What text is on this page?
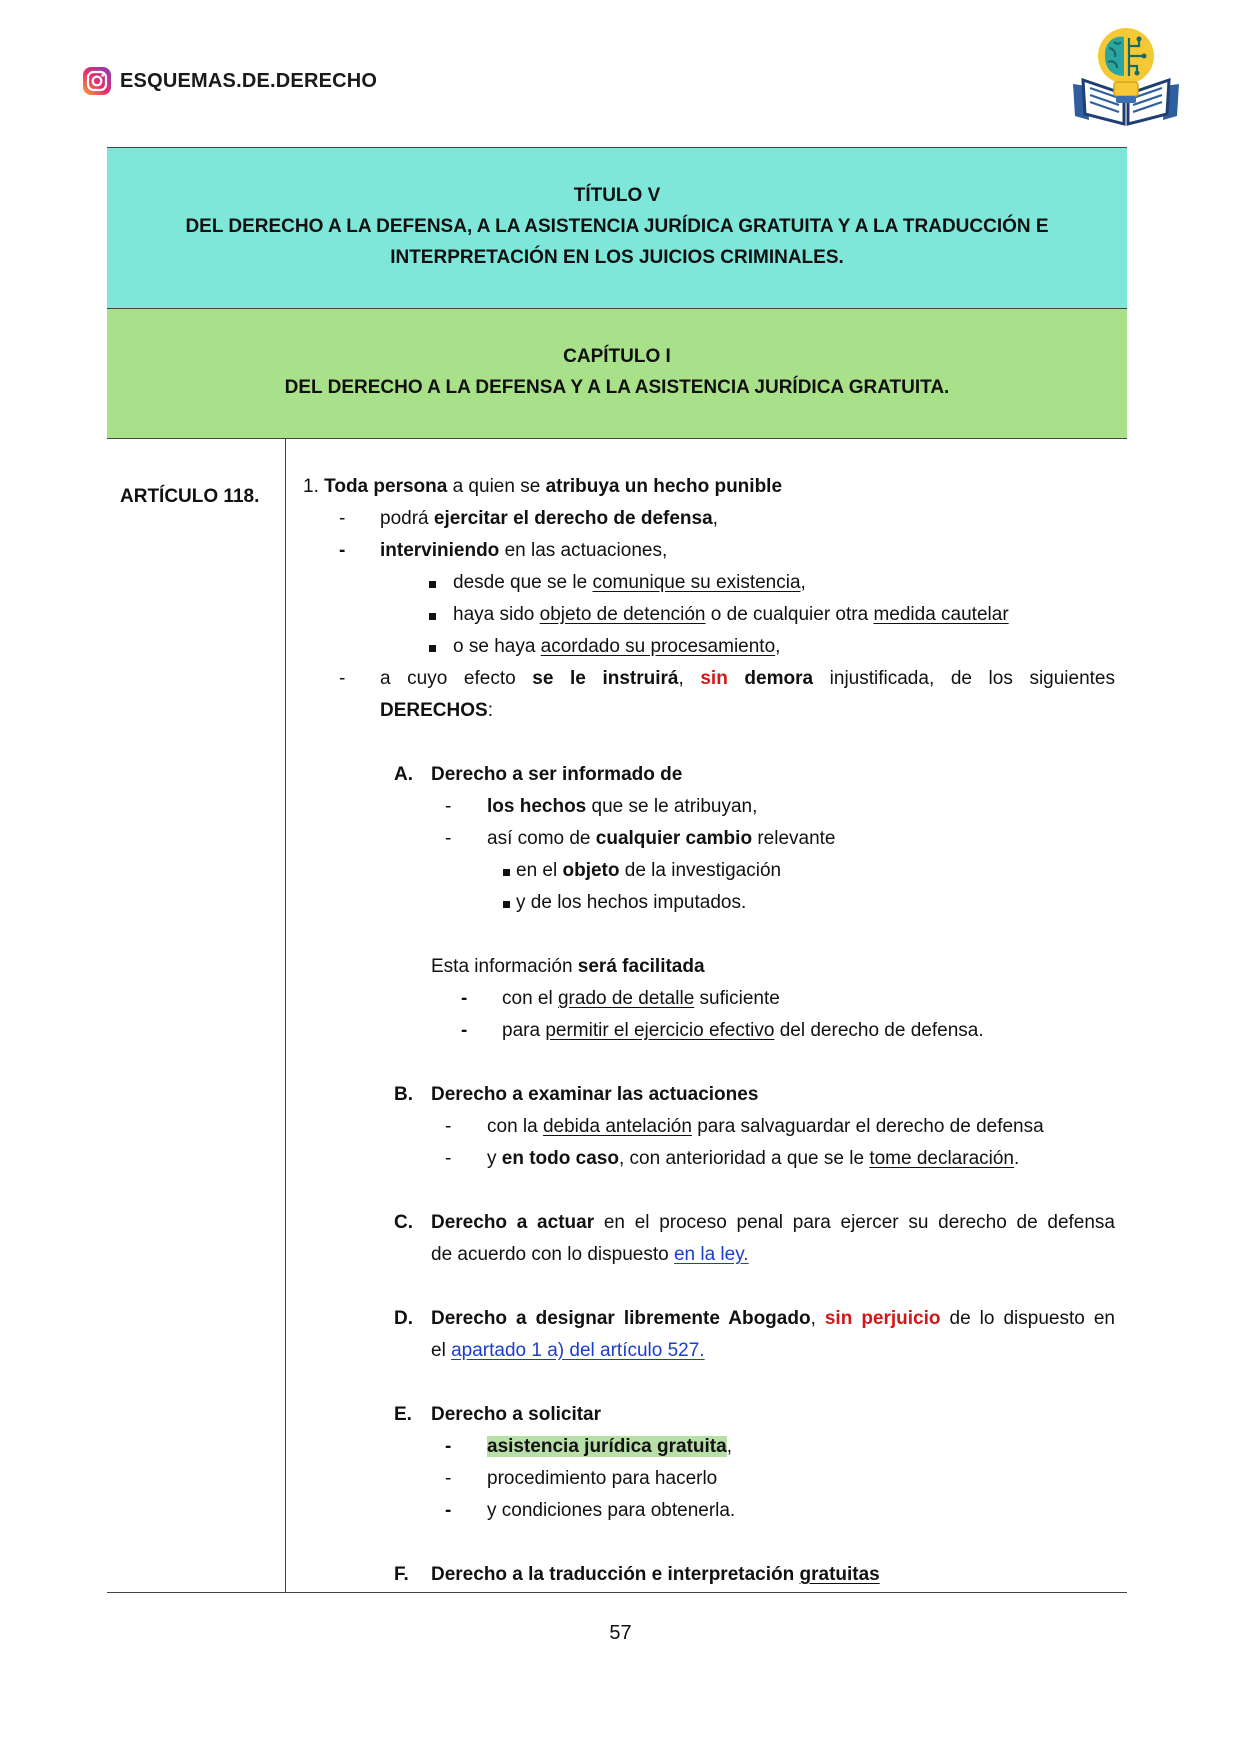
ESQUEMAS.DE.DERECHO

TÍTULO V

DEL DERECHO A LA DEFENSA, A LA ASISTENCIA JURÍDICA GRATUITA Y A LA TRADUCCIÓN E

INTERPRETACIÓN EN LOS JUICIOS CRIMINALES.

CAPÍTULO I

DEL DERECHO A LA DEFENSA Y A LA ASISTENCIA JURÍDICA GRATUITA.

ARTÍCULO 118. 1. Toda persona a quien se atribuya un hecho punible
- podrá ejercitar el derecho de defensa,
- interviniendo en las actuaciones,
desde que se le comunique su existencia,
haya sido objeto de detención o de cualquier otra medida cautelar
o se haya acordado su procesamiento,
- a cuyo efecto se le instruirá, sin demora injustificada, de los siguientes
DERECHOS:
A. Derecho a ser informado de
- los hechos que se le atribuyan,
- así como de cualquier cambio relevante
en el objeto de la investigación
y de los hechos imputados.
Esta información será facilitada
- con el grado de detalle suficiente
- para permitir el ejercicio efectivo del derecho de defensa.
B. Derecho a examinar las actuaciones
- con la debida antelación para salvaguardar el derecho de defensa
- y en todo caso, con anterioridad a que se le tome declaración.
C. Derecho a actuar en el proceso penal para ejercer su derecho de defensa
de acuerdo con lo dispuesto en la ley.
D. Derecho a designar libremente Abogado, sin perjuicio de lo dispuesto en
el apartado 1 a) del artículo 527.
E. Derecho a solicitar
- asistencia jurídica gratuita,
- procedimiento para hacerlo
- y condiciones para obtenerla.
F. Derecho a la traducción e interpretación gratuitas
57
